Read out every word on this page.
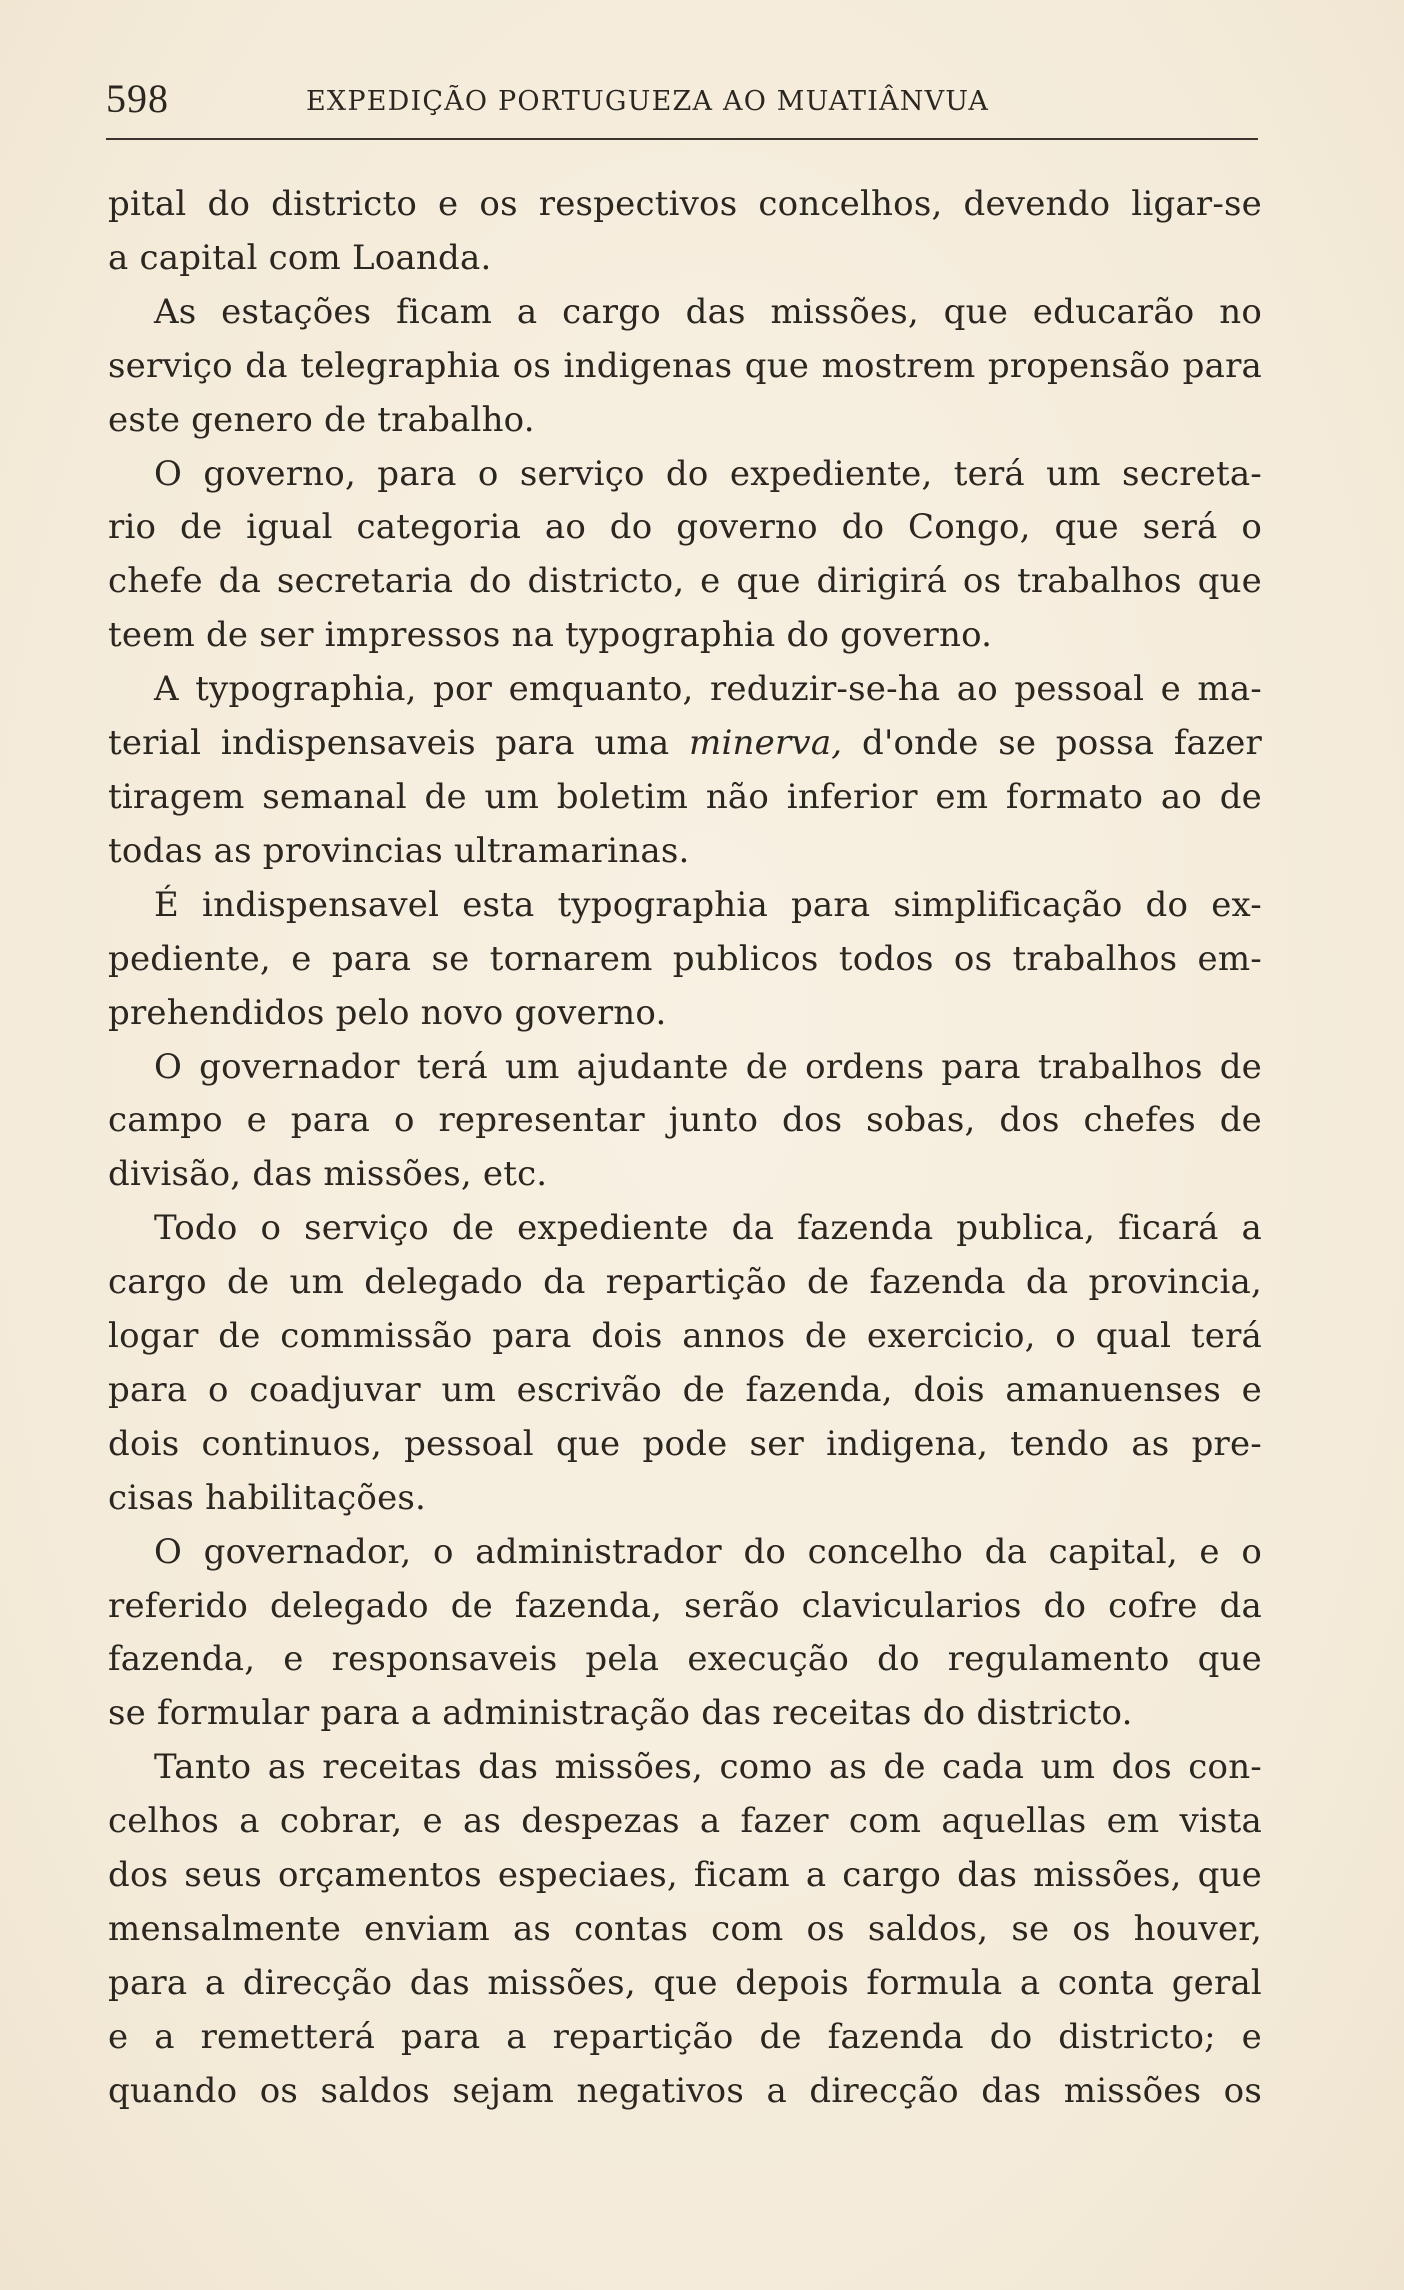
598	EXPEDIÇÃO PORTUGUEZA AO MUATIÂNVUA
pital do districto e os respectivos concelhos, devendo ligar-se
a capital com Loanda.
As estações ficam a cargo das missões, que educarão no
serviço da telegraphia os indigenas que mostrem propensão para
este genero de trabalho.
O governo, para o serviço do expediente, terá um secreta-
rio de igual categoria ao do governo do Congo, que será o
chefe da secretaria do districto, e que dirigirá os trabalhos que
teem de ser impressos na typographia do governo.
A typographia, por emquanto, reduzir-se-ha ao pessoal e ma-
terial indispensaveis para uma minerva, d'onde se possa fazer
tiragem semanal de um boletim não inferior em formato ao de
todas as provincias ultramarinas.
É indispensavel esta typographia para simplificação do ex-
pediente, e para se tornarem publicos todos os trabalhos em-
prehendidos pelo novo governo.
O governador terá um ajudante de ordens para trabalhos de
campo e para o representar junto dos sobas, dos chefes de
divisão, das missões, etc.
Todo o serviço de expediente da fazenda publica, ficará a
cargo de um delegado da repartição de fazenda da provincia,
logar de commissão para dois annos de exercicio, o qual terá
para o coadjuvar um escrivão de fazenda, dois amanuenses e
dois continuos, pessoal que pode ser indigena, tendo as pre-
cisas habilitações.
O governador, o administrador do concelho da capital, e o
referido delegado de fazenda, serão clavicularios do cofre da
fazenda, e responsaveis pela execução do regulamento que
se formular para a administração das receitas do districto.
Tanto as receitas das missões, como as de cada um dos con-
celhos a cobrar, e as despezas a fazer com aquellas em vista
dos seus orçamentos especiaes, ficam a cargo das missões, que
mensalmente enviam as contas com os saldos, se os houver,
para a direcção das missões, que depois formula a conta geral
e a remetterá para a repartição de fazenda do districto; e
quando os saldos sejam negativos a direcção das missões os
